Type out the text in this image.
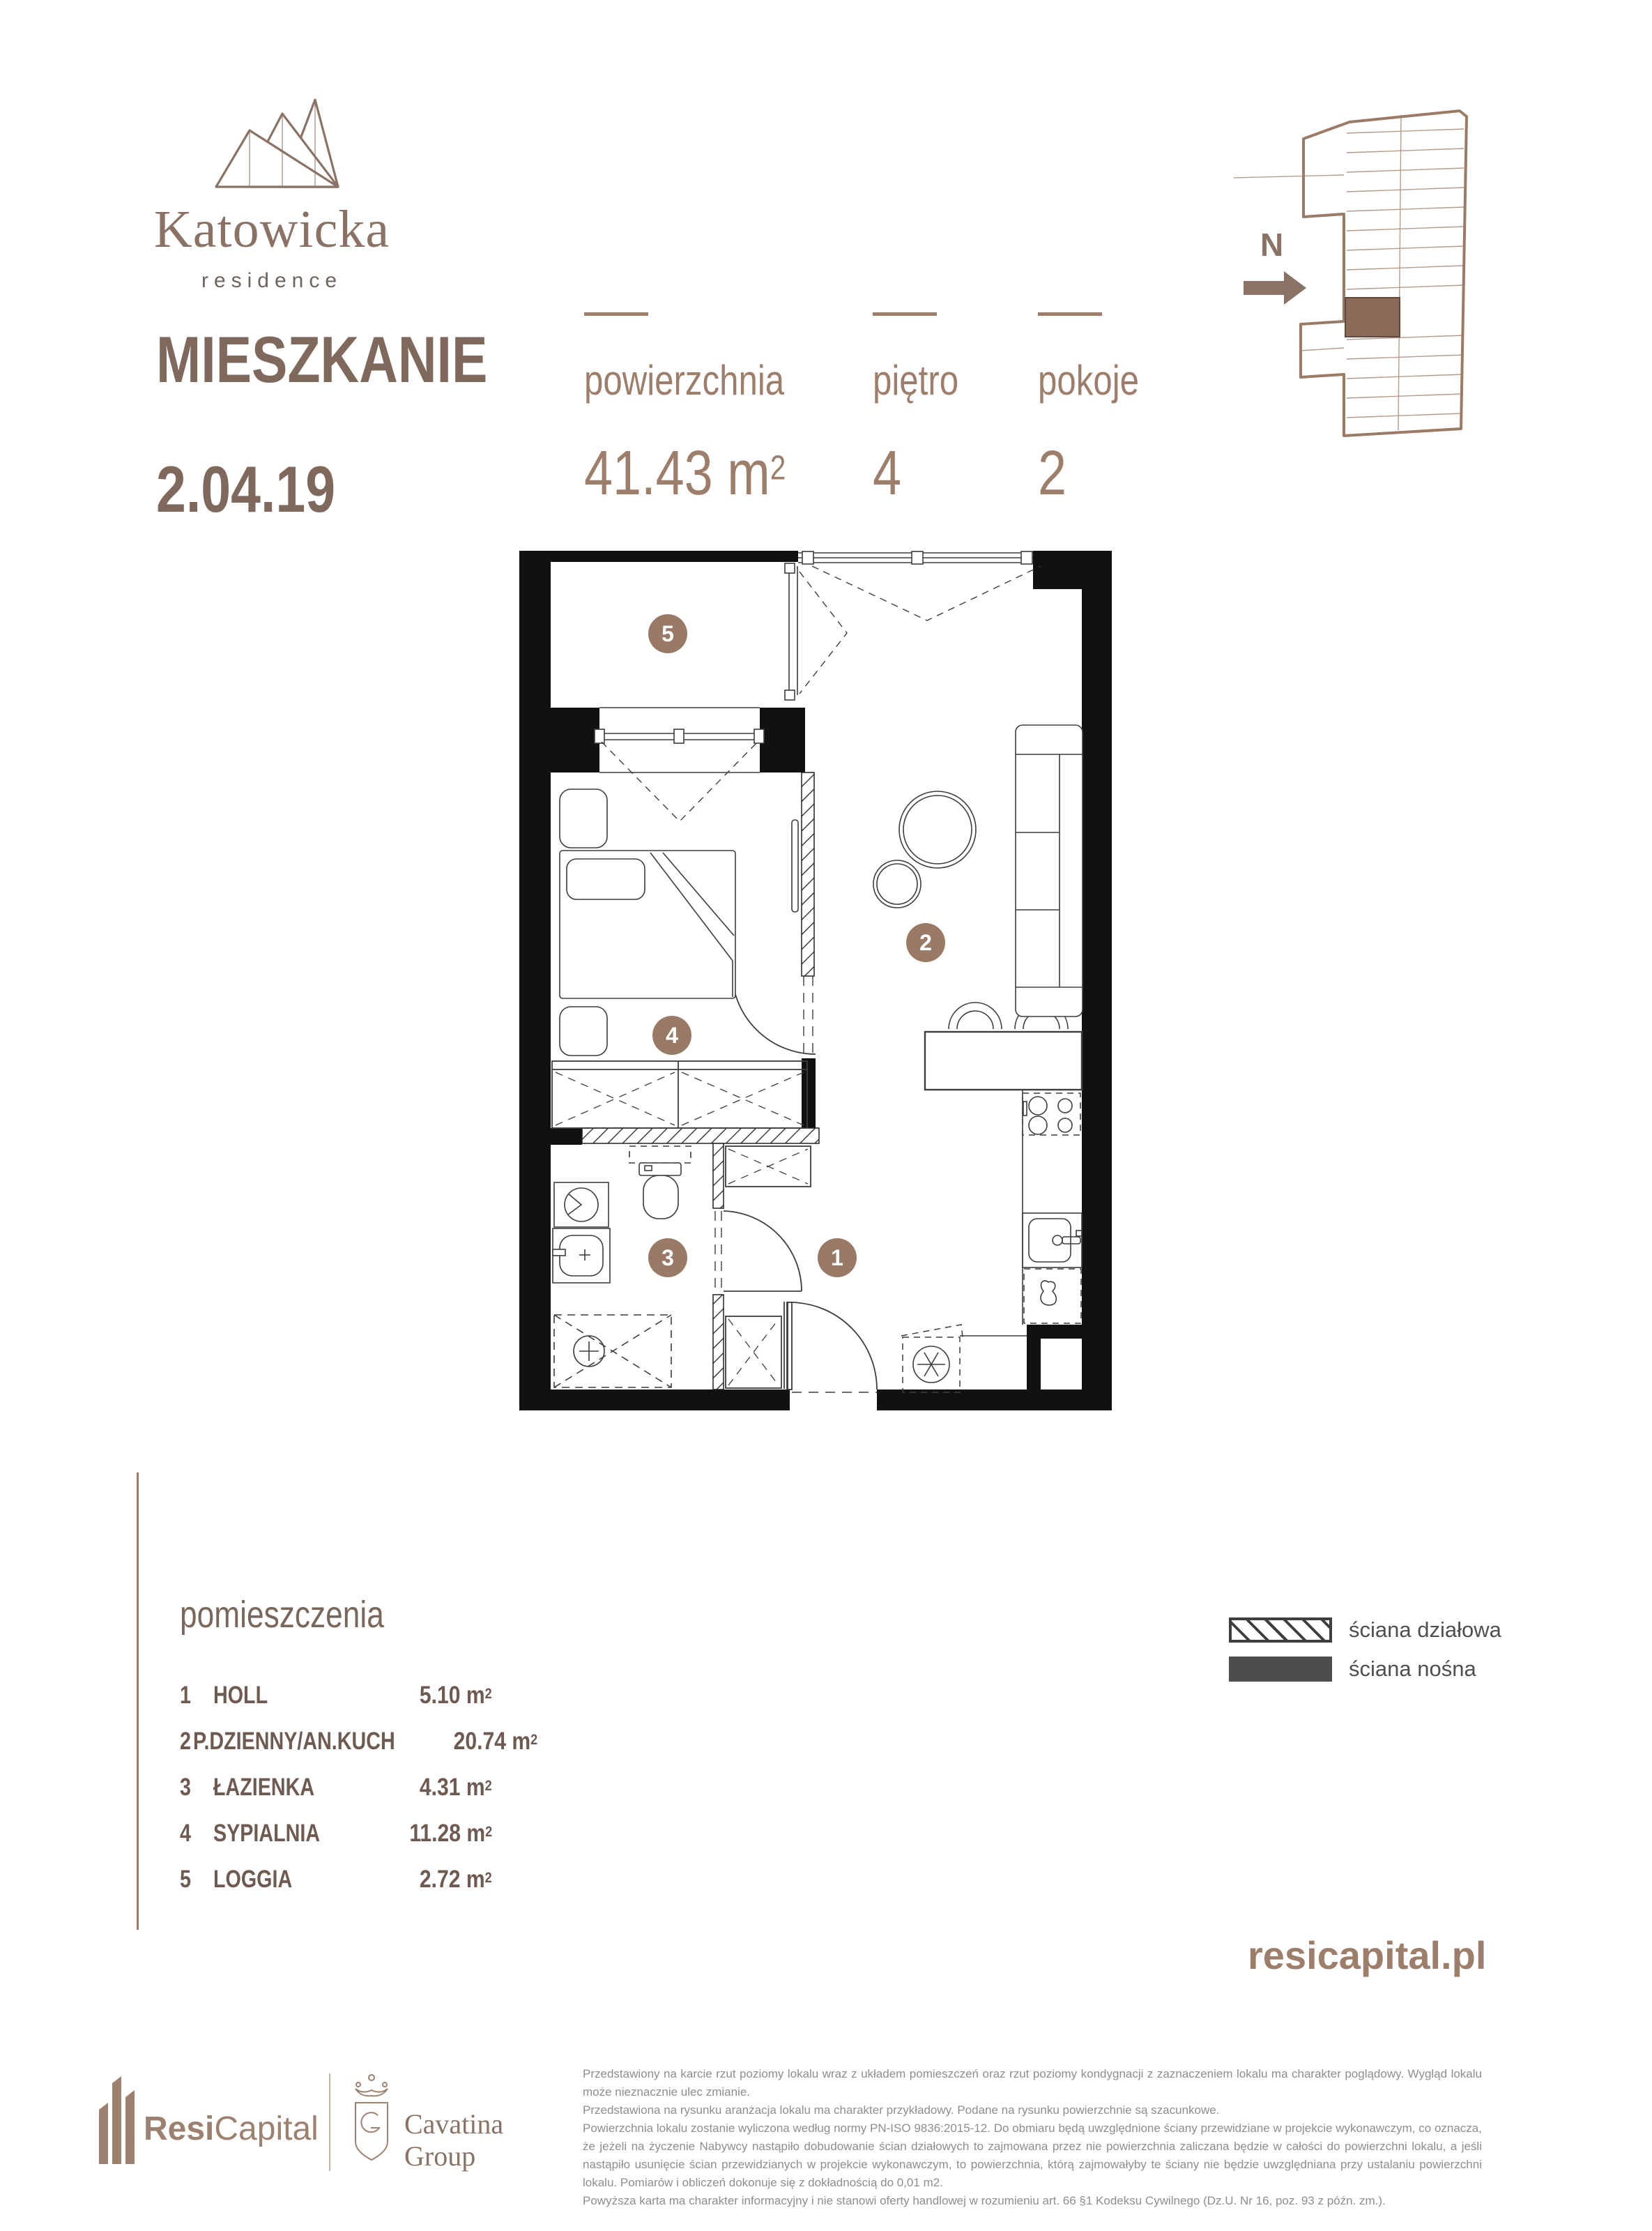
Katowicka
residence
MIESZKANIE
2.04.19
powierzchnia
41.43 $m^2$
piętro
4
pokoje
2
N
1
2
3
4
5
pomieszczenia
1 HOLL	5.10 $m^2$
2 P.DZIENNY/AN.KUCH	20.74 $m^2$
3 ŁAZIENKA	4.31 $m^2$
4 SYPIALNIA	11.28 $m^2$
5 LOGGIA	2.72 $m^2$
ściana działowa
ściana nośna
resicapital.pl
ResiCapital	Cavatina
Group

Przedstawiony na karcie rzut poziomy lokalu wraz z układem pomieszczeń oraz rzut poziomy kondygnacji z zaznaczeniem lokalu ma charakter poglądowy. Wygląd lokalu może nieznacznie ulec zmianie.

Przedstawiona na rysunku aranżacja lokalu ma charakter przykładowy. Podane na rysunku powierzchnie są szacunkowe.

Powierzchnia lokalu zostanie wyliczona według normy PN-ISO 9836:2015-12. Do obmiaru będą uwzględnione ściany przewidziane w projekcie wykonawczym, co oznacza, że jeżeli na życzenie Nabywcy nastąpiło dobudowanie ścian działowych to zajmowana przez nie powierzchnia zaliczana będzie w całości do powierzchni lokalu, a jeśli nastąpiło usunięcie ścian przewidzianych w projekcie wykonawczym, to powierzchnia, którą zajmowałyby te ściany nie będzie uwzględniana przy ustalaniu powierzchni lokalu. Pomiarów i obliczeń dokonuje się z dokładnością do 0,01 m2.

Powyższa karta ma charakter informacyjny i nie stanowi oferty handlowej w rozumieniu art. 66 §1 Kodeksu Cywilnego (Dz.U. Nr 16, poz. 93 z późn. zm.).
